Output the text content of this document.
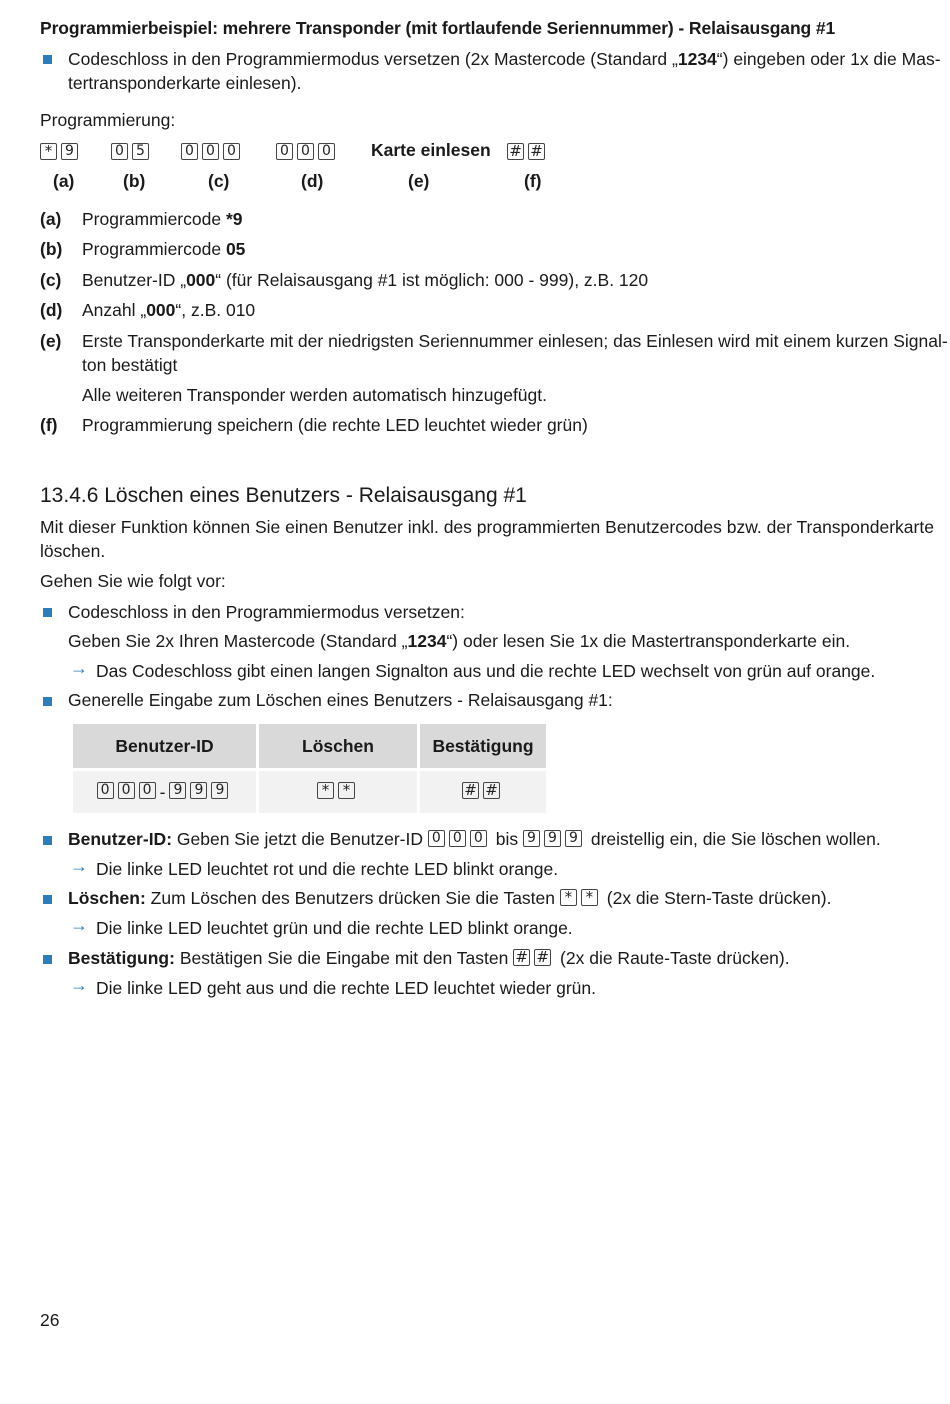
Programmierbeispiel: mehrere Transponder (mit fortlaufende Seriennummer) - Relaisausgang #1
Codeschloss in den Programmiermodus versetzen (2x Mastercode (Standard „1234“) eingeben oder 1x die Mas-
tertransponderkarte einlesen).
Programmierung:
* 9	0 5	0 0 0	0 0 0	Karte einlesen # #
(a)	(b)	(c)	(d)	(e)	(f)
(a) Programmiercode *9
(b) Programmiercode 05
(c) Benutzer-ID „000“ (für Relaisausgang #1 ist möglich: 000 - 999), z.B. 120
(d) Anzahl „000“, z.B. 010
(e) Erste Transponderkarte mit der niedrigsten Seriennummer einlesen; das Einlesen wird mit einem kurzen Signal-
ton bestätigt
Alle weiteren Transponder werden automatisch hinzugefügt.
(f) Programmierung speichern (die rechte LED leuchtet wieder grün)
13.4.6 Löschen eines Benutzers - Relaisausgang #1
Mit dieser Funktion können Sie einen Benutzer inkl. des programmierten Benutzercodes bzw. der Transponderkarte
löschen.
Gehen Sie wie folgt vor:
Codeschloss in den Programmiermodus versetzen:
Geben Sie 2x Ihren Mastercode (Standard „1234“) oder lesen Sie 1x die Mastertransponderkarte ein.
→ Das Codeschloss gibt einen langen Signalton aus und die rechte LED wechselt von grün auf orange.
Generelle Eingabe zum Löschen eines Benutzers - Relaisausgang #1:
Benutzer-ID	Löschen	Bestätigung
0 0 0 - 9 9 9	* *	# #
Benutzer-ID: Geben Sie jetzt die Benutzer-ID 0 0 0 bis 9 9 9 dreistellig ein, die Sie löschen wollen.
→ Die linke LED leuchtet rot und die rechte LED blinkt orange.
Löschen: Zum Löschen des Benutzers drücken Sie die Tasten * * (2x die Stern-Taste drücken).
→ Die linke LED leuchtet grün und die rechte LED blinkt orange.
Bestätigung: Bestätigen Sie die Eingabe mit den Tasten # # (2x die Raute-Taste drücken).
→ Die linke LED geht aus und die rechte LED leuchtet wieder grün.
26
